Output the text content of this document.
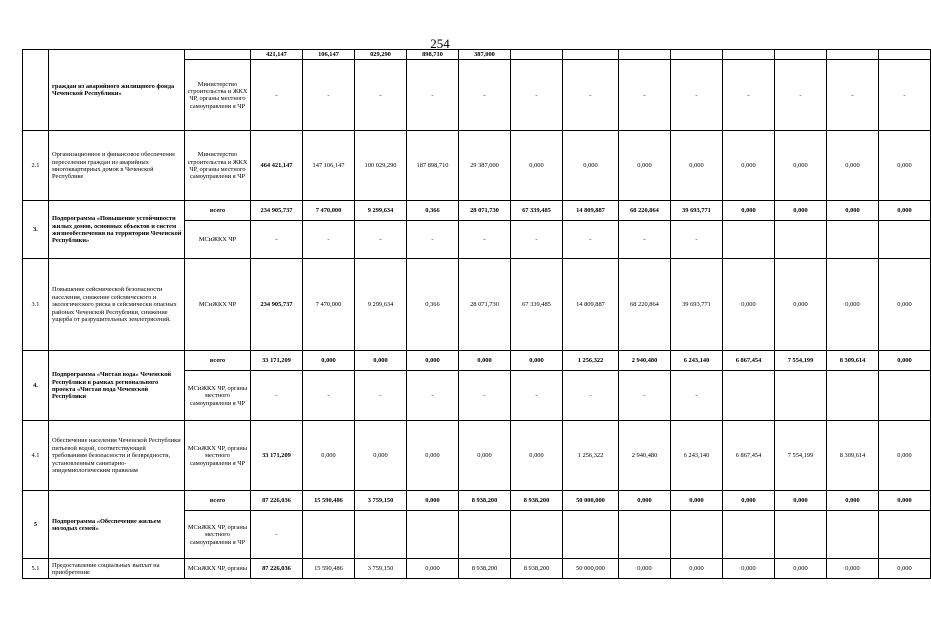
254
	граждан из аварийного жилищного фонда Чеченской Республики»		421,147	106,147	029,290	898,710	387,000								
		Министерство строительства и ЖКХ ЧР, органы местного самоуправлени я ЧР	-	-	-	-	-	-	-	-	-	-	-	-	-
2.1	Организационное и финансовое обеспечение переселения граждан из аварийных многоквартирных домов в Чеченской Республике	Министерство строительства и ЖКХ ЧР, органы местного самоуправлени я ЧР	464 421,147	147 106,147	100 029,290	187 898,710	29 387,000	0,000	0,000	0,000	0,000	0,000	0,000	0,000	0,000
3.	Подпрограмма «Повышение устойчивости жилых домов, основных объектов и систем жизнеобеспечения на территории Чеченской Республики»	всего	234 905,737	7 470,000	9 299,634	0,366	28 071,730	67 339,485	14 809,887	68 220,864	39 693,771	0,000	0,000	0,000	0,000
		МСиЖКХ ЧР	-	-	-	-	-	-	-	-	-				
3.1	Повышение сейсмической безопасности населения, снижение сейсмического и экологического риска в сейсмически опасных районах Чеченской Республики, снижение ущерба от разрушительных землетрясений.	МСиЖКХ ЧР	234 905,737	7 470,000	9 299,634	0,366	28 071,730	67 339,485	14 809,887	68 220,864	39 693,771	0,000	0,000	0,000	0,000
4.	Подпрограмма «Чистая вода» Чеченской Республики в рамках регионального проекта «Чистая вода Чеченской Республики	всего	33 171,209	0,000	0,000	0,000	0,000	0,000	1 256,322	2 940,480	6 243,140	6 867,454	7 554,199	8 309,614	0,000
		МСиЖКХ ЧР, органы местного самоуправлени я ЧР	-	-	-	-	-	-	-	-	-				
4.1	Обеспечение населения Чеченской Республики питьевой водой, соответствующей требованиям безопасности и безвредности, установленным санитарно-эпидемиологическим правилам	МСиЖКХ ЧР, органы местного самоуправлени я ЧР	33 171,209	0,000	0,000	0,000	0,000	0,000	1 256,322	2 940,480	6 243,140	6 867,454	7 554,199	8 309,614	0,000
5	Подпрограмма «Обеспечение жильем молодых семей»	всего	87 226,036	15 590,486	3 759,150	0,000	8 938,200	8 938,200	50 000,000	0,000	0,000	0,000	0,000	0,000	0,000
		МСиЖКХ ЧР, органы местного самоуправлени я ЧР	-												
5.1	Предоставление социальных выплат на приобретение	МСиЖКХ ЧР, органы	87 226,036	15 590,486	3 759,150	0,000	8 938,200	8 938,200	50 000,000	0,000	0,000	0,000	0,000	0,000	0,000
